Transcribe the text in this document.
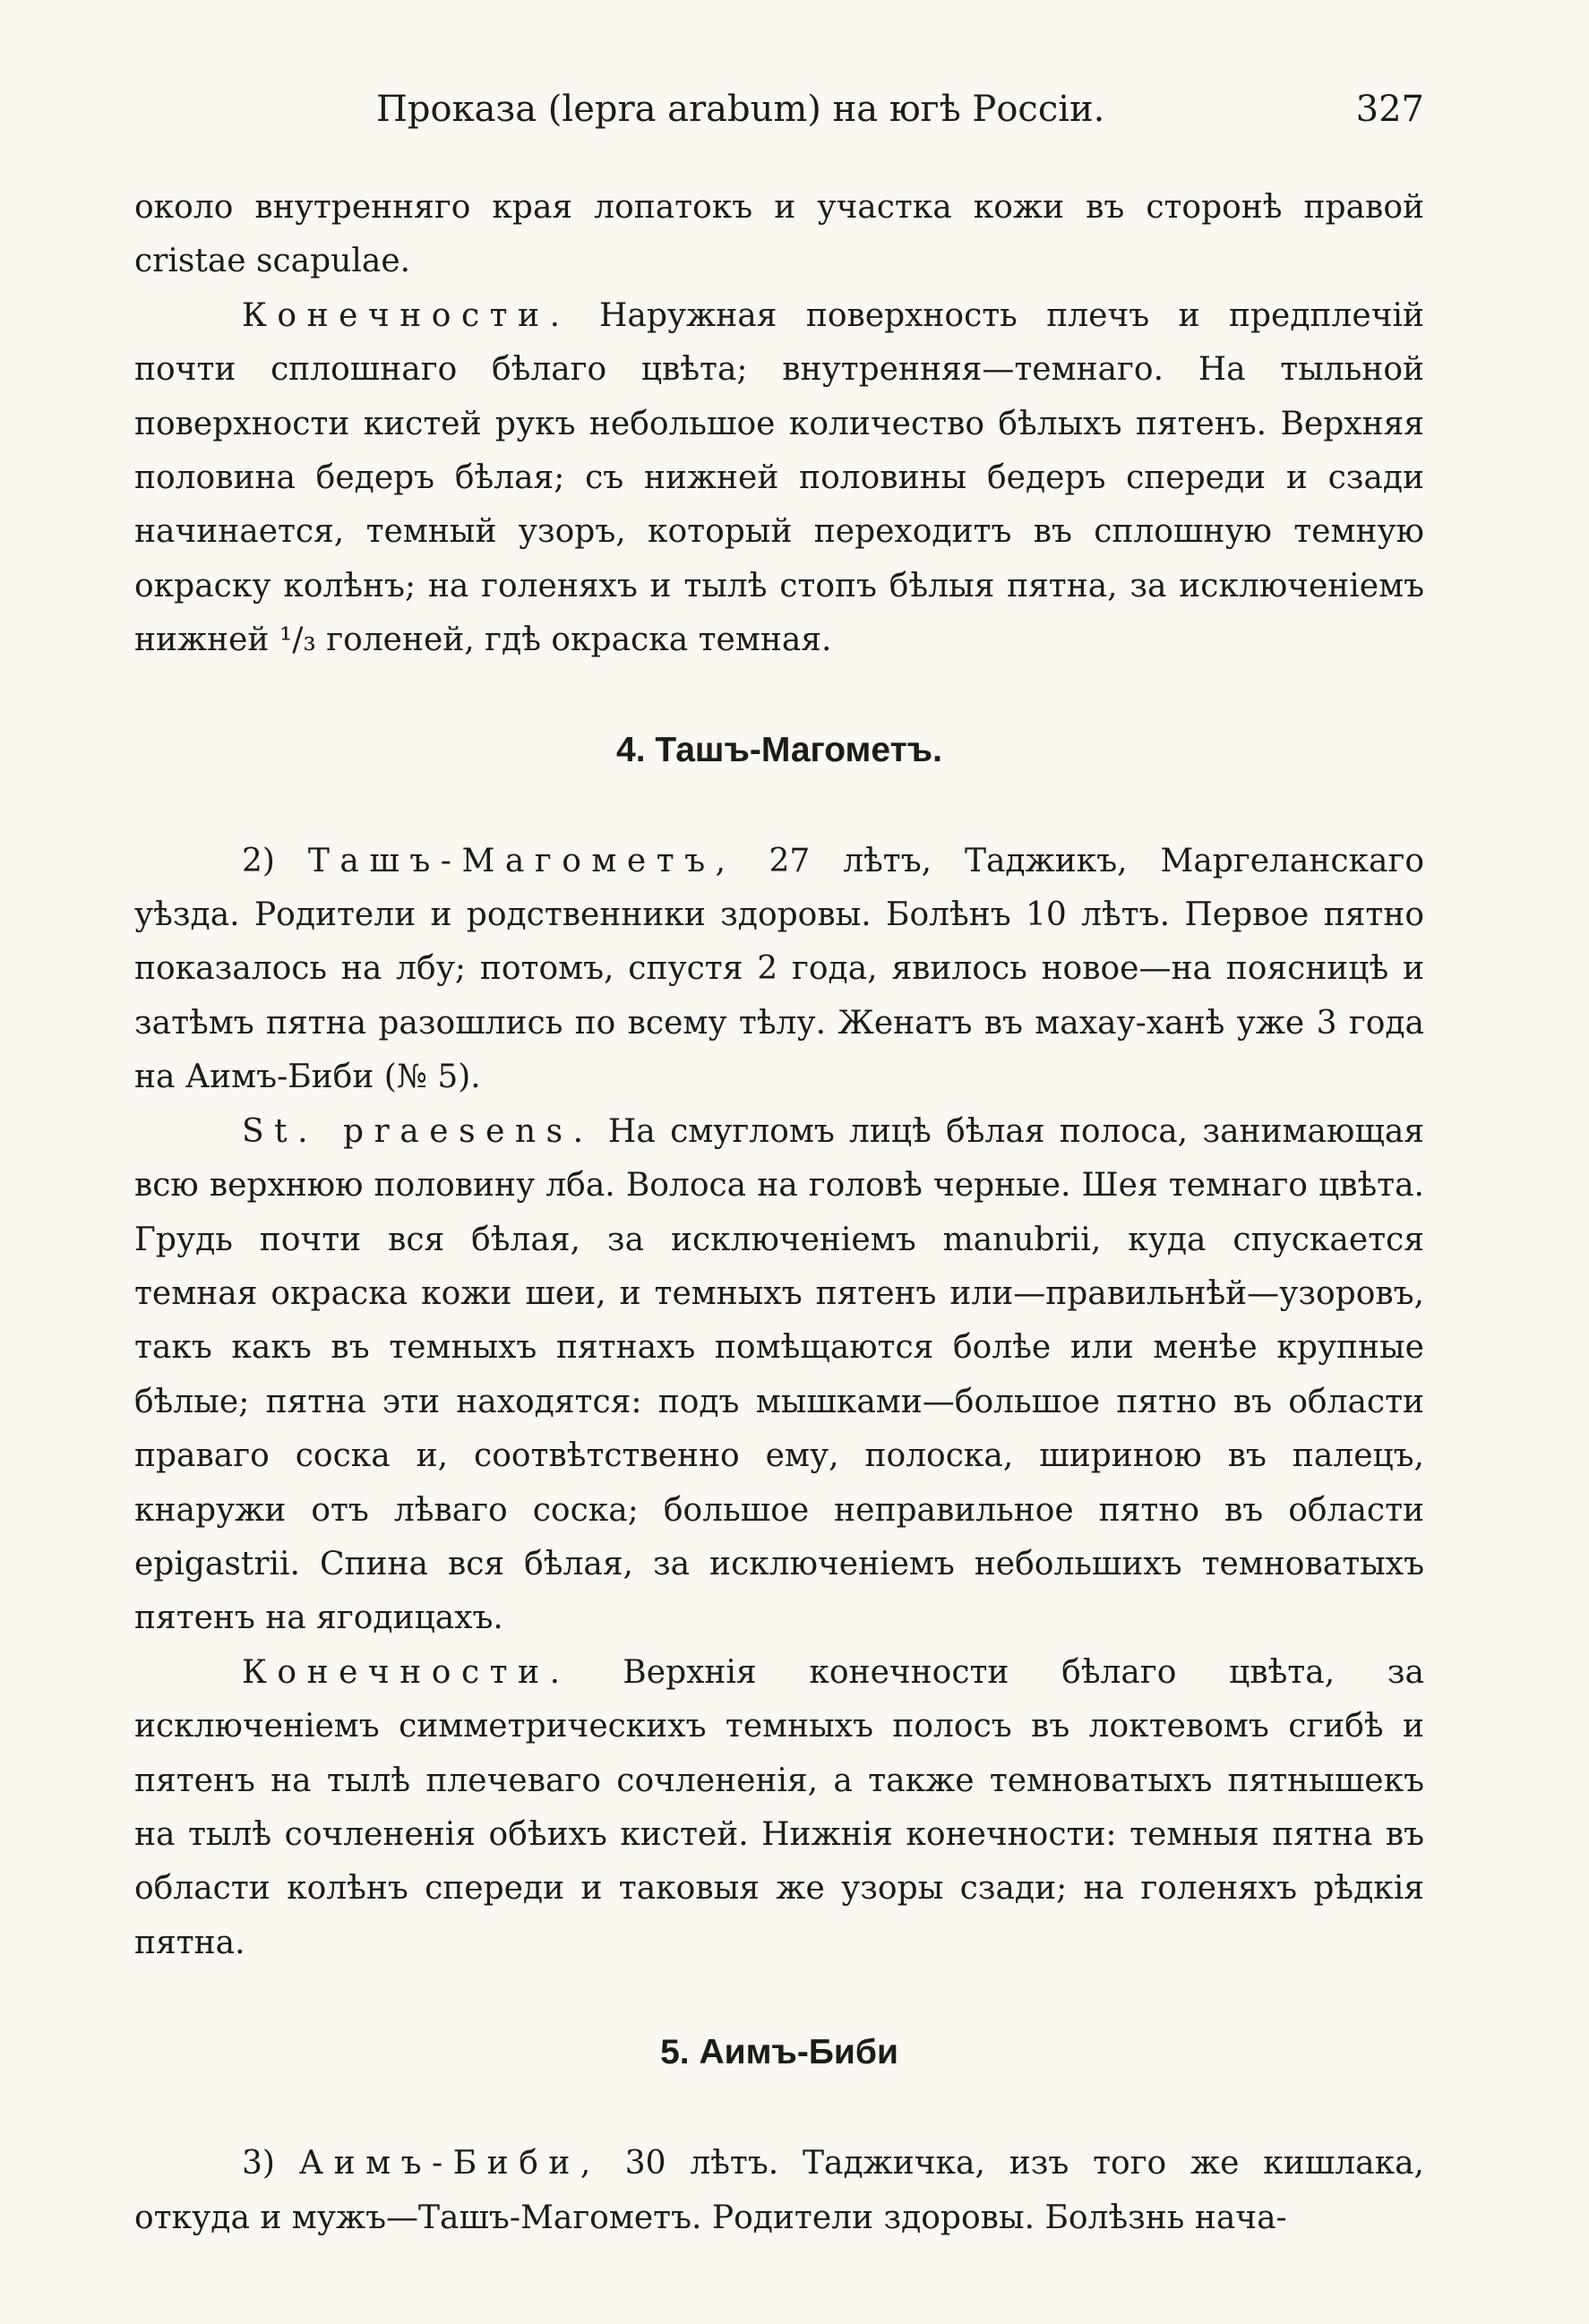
Проказа (lepra arabum) на югѣ Россіи.	327

около внутренняго края лопатокъ и участка кожи въ сторонѣ правой cristae scapulae.

Конечности. Наружная поверхность плечъ и предплечій почти сплошнаго бѣлаго цвѣта; внутренняя—темнаго. На тыльной поверхности кистей рукъ небольшое количество бѣлыхъ пятенъ. Верхняя половина бедеръ бѣлая; съ нижней половины бедеръ спереди и сзади начинается, темный узоръ, который переходитъ въ сплошную темную окраску колѣнъ; на голеняхъ и тылѣ стопъ бѣлыя пятна, за исключеніемъ нижней ¹/₃ голеней, гдѣ окраска темная.

4. Ташъ-Магометъ.

2) Ташъ-Магометъ, 27 лѣтъ, Таджикъ, Маргеланскаго уѣзда. Родители и родственники здоровы. Болѣнъ 10 лѣтъ. Первое пятно показалось на лбу; потомъ, спустя 2 года, явилось новое—на поясницѣ и затѣмъ пятна разошлись по всему тѣлу. Женатъ въ махау-ханѣ уже 3 года на Аимъ-Биби (№ 5).

St. praesens. На смугломъ лицѣ бѣлая полоса, занимающая всю верхнюю половину лба. Волоса на головѣ черные. Шея темнаго цвѣта. Грудь почти вся бѣлая, за исключеніемъ manubrii, куда спускается темная окраска кожи шеи, и темныхъ пятенъ или—правильнѣй—узоровъ, такъ какъ въ темныхъ пятнахъ помѣщаются болѣе или менѣе крупные бѣлые; пятна эти находятся: подъ мышками—большое пятно въ области праваго соска и, соотвѣтственно ему, полоска, шириною въ палецъ, кнаружи отъ лѣваго соска; большое неправильное пятно въ области epigastrii. Спина вся бѣлая, за исключеніемъ небольшихъ темноватыхъ пятенъ на ягодицахъ.

Конечности. Верхнія конечности бѣлаго цвѣта, за исключеніемъ симметрическихъ темныхъ полосъ въ локтевомъ сгибѣ и пятенъ на тылѣ плечеваго сочлененія, а также темноватыхъ пятнышекъ на тылѣ сочлененія обѣихъ кистей. Нижнія конечности: темныя пятна въ области колѣнъ спереди и таковыя же узоры сзади; на голеняхъ рѣдкія пятна.

5. Аимъ-Биби

3) Аимъ-Биби, 30 лѣтъ. Таджичка, изъ того же кишлака, откуда и мужъ—Ташъ-Магометъ. Родители здоровы. Болѣзнь нача-
